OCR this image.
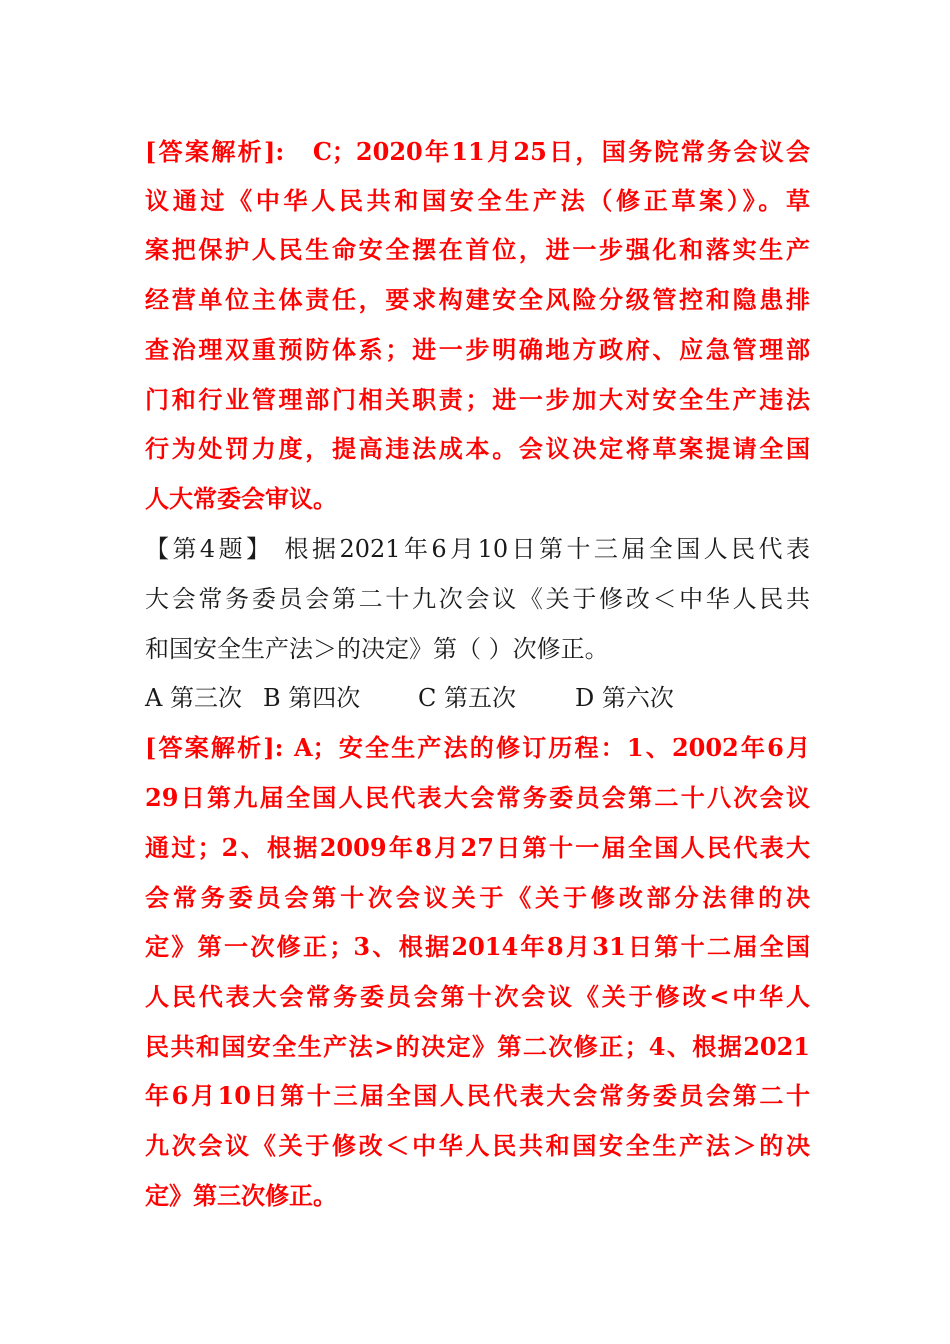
[答案解析]:　C；2020年11月25日，国务院常务会议会
议通过《中华人民共和国安全生产法（修正草案）》。草
案把保护人民生命安全摆在首位，进一步强化和落实生产
经营单位主体责任，要求构建安全风险分级管控和隐患排
查治理双重预防体系；进一步明确地方政府、应急管理部
门和行业管理部门相关职责；进一步加大对安全生产违法
行为处罚力度，提高违法成本。会议决定将草案提请全国
人大常委会审议。
【第4题】 根据2021年6月10日第十三届全国人民代表
大会常务委员会第二十九次会议《关于修改＜中华人民共
和国安全生产法＞的决定》第（ ）次修正。
A 第三次 B 第四次 C 第五次 D 第六次
[答案解析]: A；安全生产法的修订历程：1、2002年6月
29日第九届全国人民代表大会常务委员会第二十八次会议
通过；2、根据2009年8月27日第十一届全国人民代表大
会常务委员会第十次会议关于《关于修改部分法律的决
定》第一次修正；3、根据2014年8月31日第十二届全国
人民代表大会常务委员会第十次会议《关于修改<中华人
民共和国安全生产法>的决定》第二次修正；4、根据2021
年6月10日第十三届全国人民代表大会常务委员会第二十
九次会议《关于修改＜中华人民共和国安全生产法＞的决
定》第三次修正。
